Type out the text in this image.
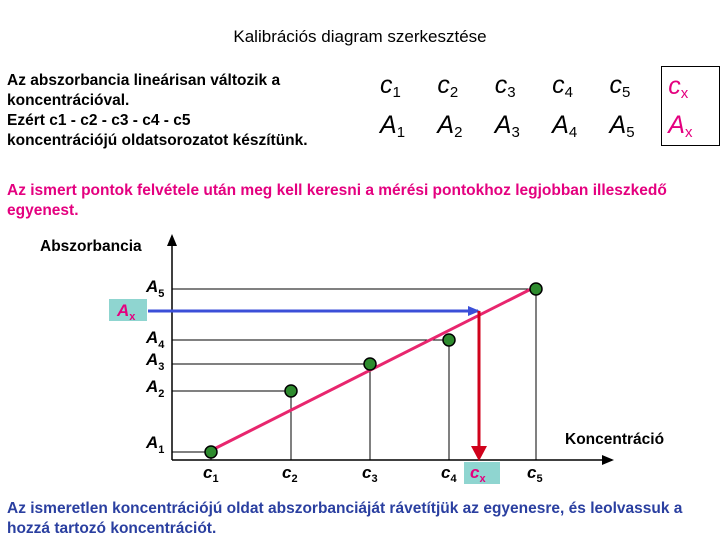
Kalibrációs diagram szerkesztése
Az abszorbancia lineárisan változik a
koncentrációval.
Ezért c1 - c2 - c3 - c4 - c5
koncentrációjú oldatsorozatot készítünk.
$c_1$	$c_2$	$c_3$	$c_4$	$c_5$	$c_x$
$A_1$	$A_2$	$A_3$	$A_4$	$A_5$	$A_x$
Az ismert pontok felvétele után meg kell keresni a mérési pontokhoz legjobban illeszkedő egyenest.
Abszorbancia
Koncentráció
$A_x$
$c_x$
$A_5$
$A_4$
$A_3$
$A_2$
$A_1$
$c_1$	$c_2$	$c_3$	$c_4$	$c_5$
Az ismeretlen koncentrációjú oldat abszorbanciáját rávetítjük az egyenesre, és leolvassuk a hozzá tartozó koncentrációt.
